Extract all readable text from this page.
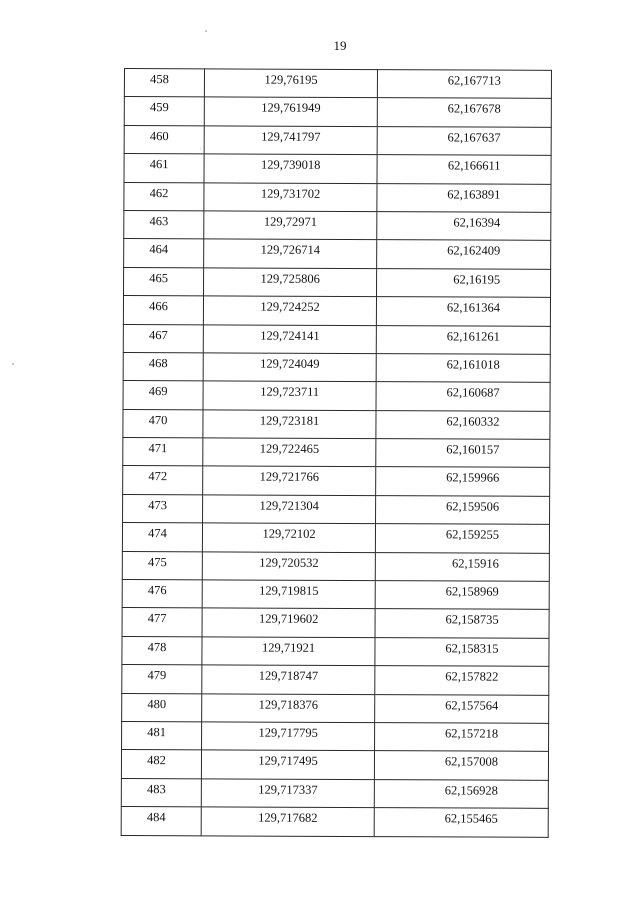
19
458	129,76195	62,167713
459	129,761949	62,167678
460	129,741797	62,167637
461	129,739018	62,166611
462	129,731702	62,163891
463	129,72971	62,16394
464	129,726714	62,162409
465	129,725806	62,16195
466	129,724252	62,161364
467	129,724141	62,161261
468	129,724049	62,161018
469	129,723711	62,160687
470	129,723181	62,160332
471	129,722465	62,160157
472	129,721766	62,159966
473	129,721304	62,159506
474	129,72102	62,159255
475	129,720532	62,15916
476	129,719815	62,158969
477	129,719602	62,158735
478	129,71921	62,158315
479	129,718747	62,157822
480	129,718376	62,157564
481	129,717795	62,157218
482	129,717495	62,157008
483	129,717337	62,156928
484	129,717682	62,155465
